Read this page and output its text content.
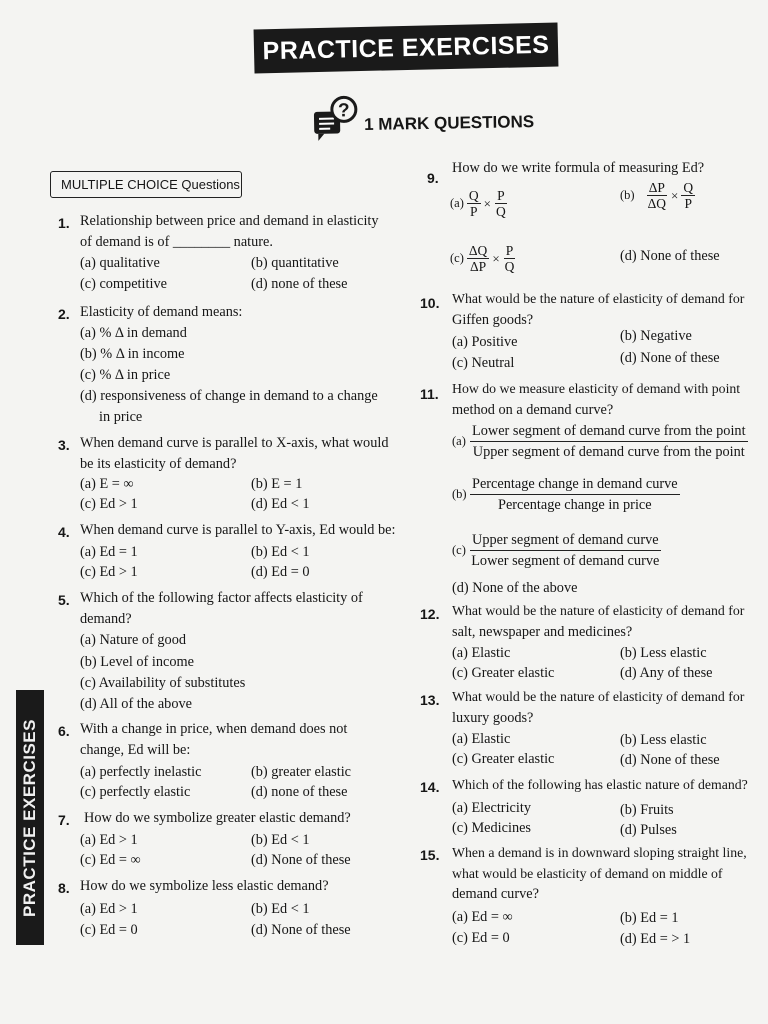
PRACTICE EXERCISES
?
1 MARK QUESTIONS
MULTIPLE CHOICE Questions
PRACTICE EXERCISES
1. Relationship between price and demand in elasticity
of demand is of ________ nature.
(a) qualitative	(b) quantitative
(c) competitive	(d) none of these
2. Elasticity of demand means:
(a) % Δ in demand
(b) % Δ in income
(c) % Δ in price
(d) responsiveness of change in demand to a change
in price
3. When demand curve is parallel to X-axis, what would
be its elasticity of demand?
(a) E = ∞	(b) E = 1
(c) Ed > 1	(d) Ed < 1
4. When demand curve is parallel to Y-axis, Ed would be:
(a) Ed = 1	(b) Ed < 1
(c) Ed > 1	(d) Ed = 0
5. Which of the following factor affects elasticity of
demand?
(a) Nature of good
(b) Level of income
(c) Availability of substitutes
(d) All of the above
6. With a change in price, when demand does not
change, Ed will be:
(a) perfectly inelastic	(b) greater elastic
(c) perfectly elastic	(d) none of these
7. How do we symbolize greater elastic demand?
(a) Ed > 1	(b) Ed < 1
(c) Ed = ∞	(d) None of these
8. How do we symbolize less elastic demand?
(a) Ed > 1	(b) Ed < 1
(c) Ed = 0	(d) None of these
9.
How do we write formula of measuring Ed?
$(a) \frac{Q}{P} \times \frac{P}{Q}$	$(b) \frac{\Delta P}{\Delta Q} \times \frac{Q}{P}$
$(c) \frac{\Delta Q}{\Delta P} \times \frac{P}{Q}$	(d) None of these
10. What would be the nature of elasticity of demand for
Giffen goods?
(a) Positive	(b) Negative
(c) Neutral	(d) None of these
11. How do we measure elasticity of demand with point
method on a demand curve?
(a)
Lower segment of demand curve from the point
Upper segment of demand curve from the point
(b)
Percentage change in demand curve
Percentage change in price
(c)
Upper segment of demand curve
Lower segment of demand curve
(d) None of the above
12. What would be the nature of elasticity of demand for
salt, newspaper and medicines?
(a) Elastic	(b) Less elastic
(c) Greater elastic	(d) Any of these
13. What would be the nature of elasticity of demand for
luxury goods?
(a) Elastic	(b) Less elastic
(c) Greater elastic	(d) None of these
14. Which of the following has elastic nature of demand?
(a) Electricity	(b) Fruits
(c) Medicines	(d) Pulses
15. When a demand is in downward sloping straight line,
what would be elasticity of demand on middle of
demand curve?
(a) Ed = ∞	(b) Ed = 1
(c) Ed = 0	(d) Ed = > 1
